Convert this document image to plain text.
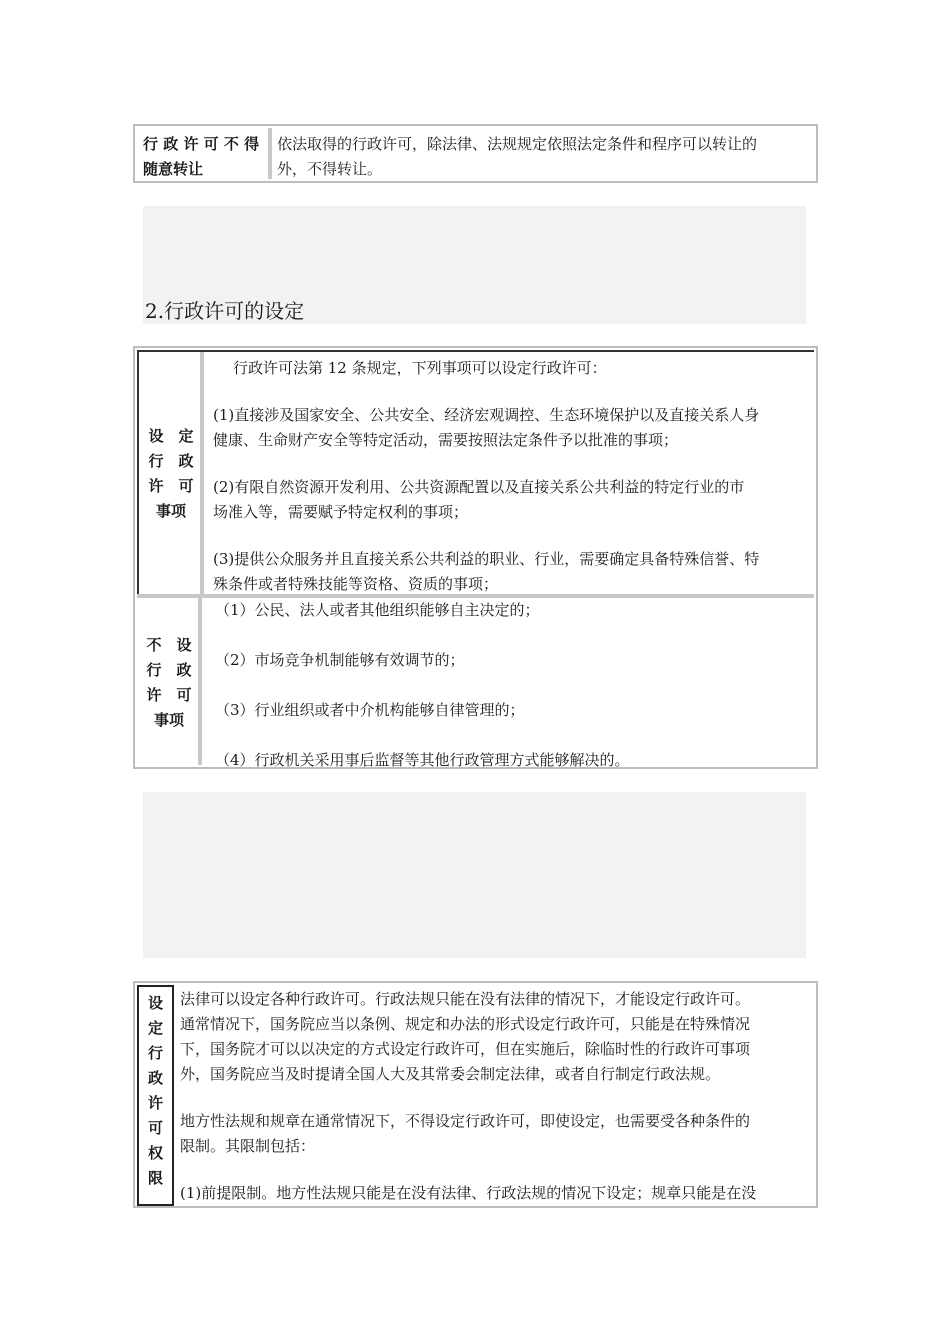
行 政 许 可 不 得
随意转让
依法取得的行政许可，除法律、法规规定依照法定条件和程序可以转让的
外，不得转让。
2.行政许可的设定
设　定
行　政
许　可
事项
行政许可法第 12 条规定，下列事项可以设定行政许可：
(1)直接涉及国家安全、公共安全、经济宏观调控、生态环境保护以及直接关系人身
健康、生命财产安全等特定活动，需要按照法定条件予以批准的事项；
(2)有限自然资源开发利用、公共资源配置以及直接关系公共利益的特定行业的市
场准入等，需要赋予特定权利的事项；
(3)提供公众服务并且直接关系公共利益的职业、行业，需要确定具备特殊信誉、特
殊条件或者特殊技能等资格、资质的事项；
不　设
行　政
许　可
事项
（1）公民、法人或者其他组织能够自主决定的；
（2）市场竞争机制能够有效调节的；
（3）行业组织或者中介机构能够自律管理的；
（4）行政机关采用事后监督等其他行政管理方式能够解决的。
设
定
行
政
许
可
权
限
法律可以设定各种行政许可。行政法规只能在没有法律的情况下，才能设定行政许可。
通常情况下，国务院应当以条例、规定和办法的形式设定行政许可，只能是在特殊情况
下，国务院才可以以决定的方式设定行政许可，但在实施后，除临时性的行政许可事项
外，国务院应当及时提请全国人大及其常委会制定法律，或者自行制定行政法规。
地方性法规和规章在通常情况下，不得设定行政许可，即使设定，也需要受各种条件的
限制。其限制包括：
(1)前提限制。地方性法规只能是在没有法律、行政法规的情况下设定；规章只能是在没
